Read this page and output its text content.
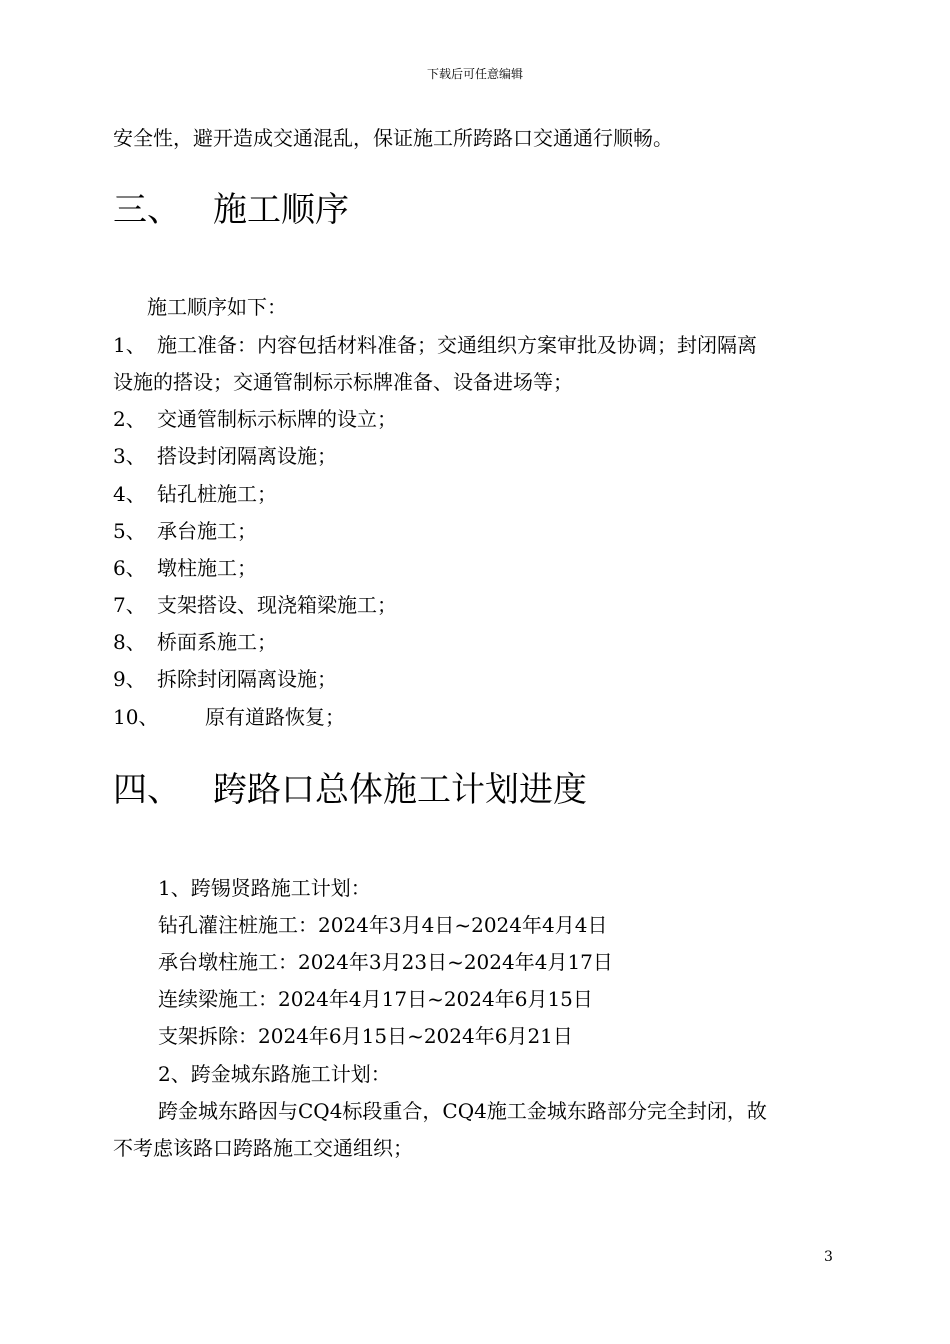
下载后可任意编辑
安全性，避开造成交通混乱，保证施工所跨路口交通通行顺畅。
三、 施工顺序
施工顺序如下：
1、 施工准备：内容包括材料准备；交通组织方案审批及协调；封闭隔离
设施的搭设；交通管制标示标牌准备、设备进场等；
2、 交通管制标示标牌的设立；
3、 搭设封闭隔离设施；
4、 钻孔桩施工；
5、 承台施工；
6、 墩柱施工；
7、 支架搭设、现浇箱梁施工；
8、 桥面系施工；
9、 拆除封闭隔离设施；
10、 原有道路恢复；
四、 跨路口总体施工计划进度
1、跨锡贤路施工计划：
钻孔灌注桩施工：2024年3月4日~2024年4月4日
承台墩柱施工：2024年3月23日~2024年4月17日
连续梁施工：2024年4月17日~2024年6月15日
支架拆除：2024年6月15日~2024年6月21日
2、跨金城东路施工计划：
跨金城东路因与CQ4标段重合，CQ4施工金城东路部分完全封闭，故
不考虑该路口跨路施工交通组织；
3
